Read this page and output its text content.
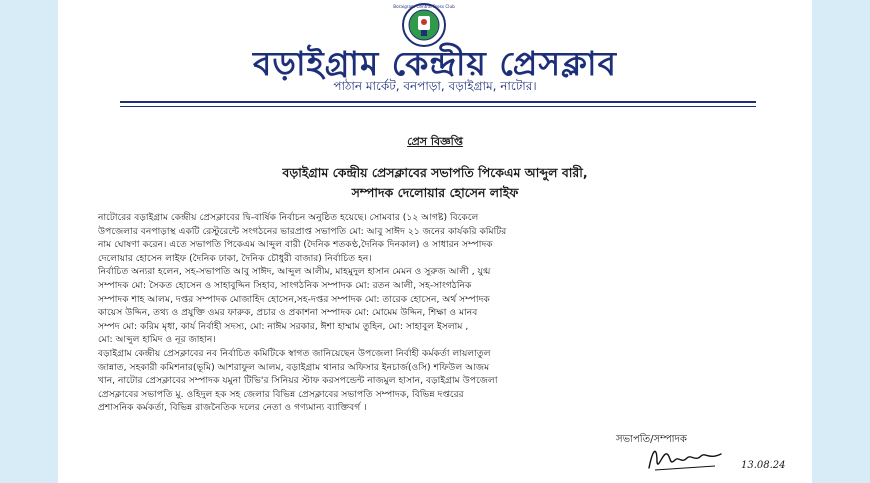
Boraigram Central Press Club
বড়াইগ্রাম কেন্দ্রীয় প্রেসক্লাব
পাঠান মার্কেট, বনপাড়া, বড়াইগ্রাম, নাটোর।
প্রেস বিজ্ঞপ্তি
বড়াইগ্রাম কেন্দ্রীয় প্রেসক্লাবের সভাপতি পিকেএম আব্দুল বারী,
সম্পাদক দেলোয়ার হোসেন লাইফ

নাটোরের বড়াইগ্রাম কেন্দ্রীয় প্রেসক্লাবের দ্বি-বার্ষিক নির্বাচন অনুষ্ঠিত হয়েছে। সোমবার (১২ আগষ্ট) বিকেলে

উপজেলার বনপাড়াস্থ একটি রেস্টুরেন্টে সংগঠনের ভারপ্রাপ্ত সভাপতি মো: আবু সাঈদ ২১ জনের কার্যকরি কমিটির

নাম ঘোষণা করেন। এতে সভাপতি পিকেএম আব্দুল বারী (দৈনিক শতকণ্ঠ,দৈনিক দিনকাল) ও সাধারন সম্পাদক

দেলোয়ার হোসেন লাইফ (দৈনিক ঢাকা, দৈনিক চৌধুরী বাজার) নির্বাচিত হন।

নির্বাচিত অন্যরা হলেন, সহ-সভাপতি আবু সাঈদ, আব্দুল আলীম, মাহমুদুল হাসান মেমন ও সুরুজ আলী , যুগ্ম

সম্পাদক মো: সৈকত হোসেন ও সাহাবুদ্দিন সিহাব, সাংগঠনিক সম্পাদক মো: রতন আলী, সহ-সাংগঠনিক

সম্পাদক শাহ আলম, দপ্তর সম্পাদক মোজাহিদ হোসেন,সহ-দপ্তর সম্পাদক মো: তারেক হোসেন, অর্থ সম্পাদক

কায়েস উদ্দিন, তথ্য ও প্রযুক্তি ওমর ফারুক, প্রচার ও প্রকাশনা সম্পাদক মো: মোমেম উদ্দিন, শিক্ষা ও মানব

সম্পদ মো: করিম মৃধা, কার্য নির্বাহী সদস্য, মো: নাঈম সরকার, ঈশা হাম্মাম তুহিন, মো: সাহাবুল ইসলাম ,

মো: আব্দুল হামিদ ও নূর জাহান।

বড়াইগ্রাম কেন্দ্রীয় প্রেসক্লাবের নব নির্বাচিত কমিটিকে স্বাগত জানিয়েছেন উপজেলা নির্বাহী কর্মকর্তা লায়লাতুল

জান্নাত, সহকারী কমিশনার(ভূমি) আশরাফুল আলম, বড়াইগ্রাম থানার অফিসার ইনচার্জ(ওসি) শফিউল আজম

খান, নাটোর প্রেসক্লাবের সম্পাদক যমুনা টিভি'র সিনিয়র স্টাফ করসপন্ডেন্ট নাজমুল হাসান, বড়াইগ্রাম উপজেলা

প্রেসক্লাবের সভাপতি মু. ওহিদুল হক সহ জেলার বিভিন্ন প্রেসক্লাবের সভাপতি সম্পাদক, বিভিন্ন দপ্তরের

প্রশাসনিক কর্মকর্তা, বিভিন্ন রাজনৈতিক দলের নেতা ও গণ্যমান্য ব্যাক্তিবর্গ ।

সভাপতি/সম্পাদক
13.08.24
